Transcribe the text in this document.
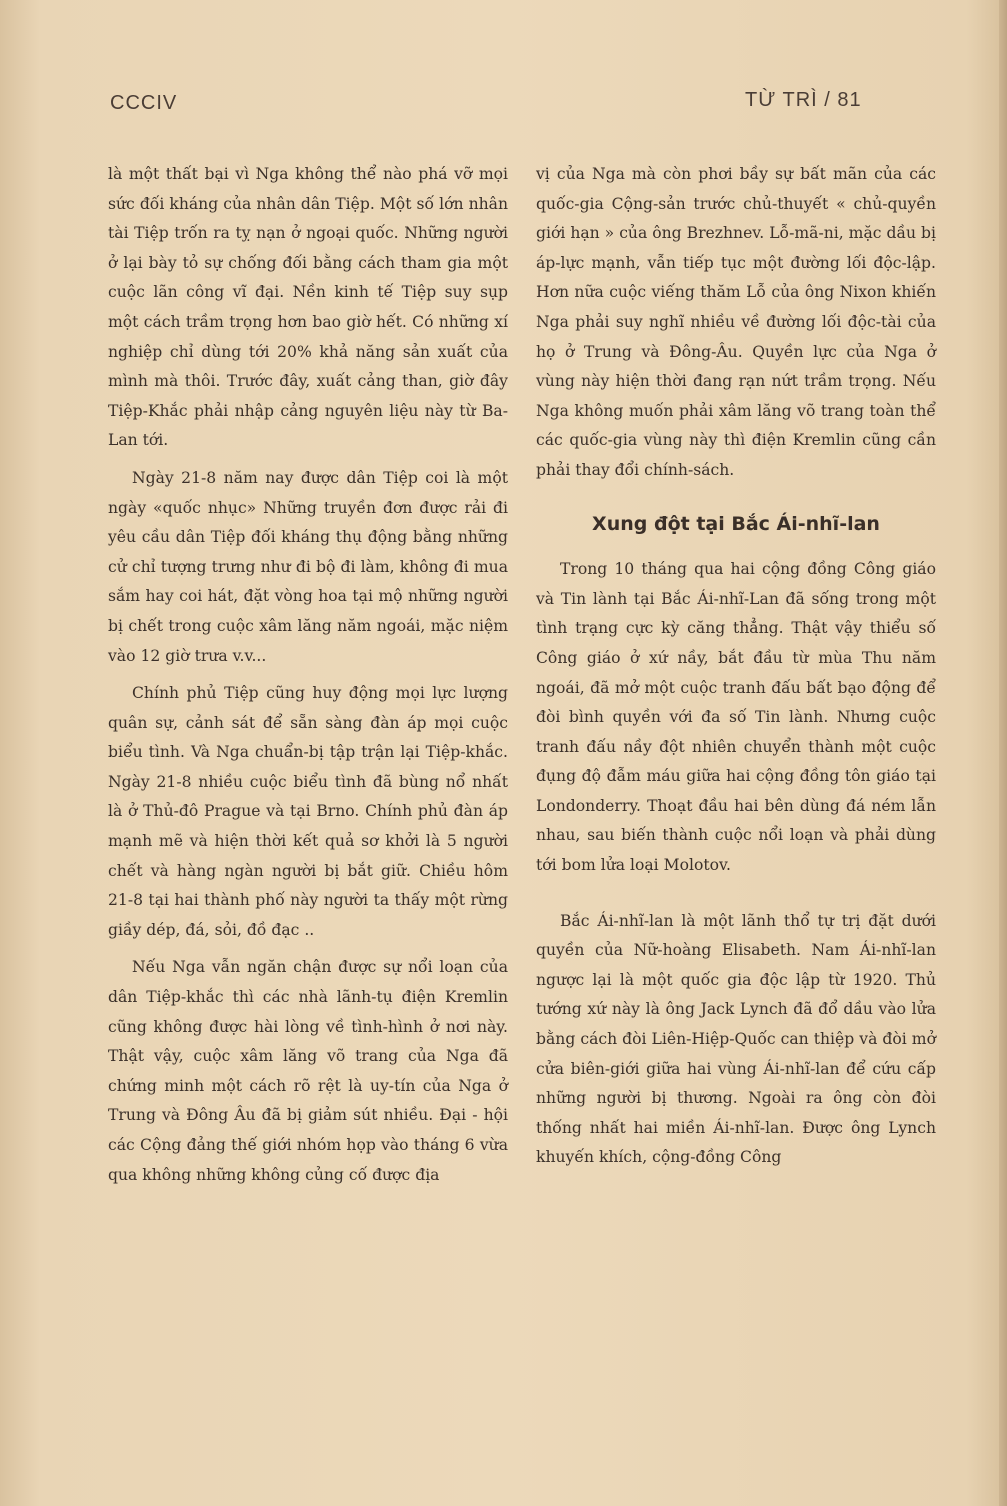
CCCIV	TỪ TRÌ / 81

là một thất bại vì Nga không thể nào phá vỡ mọi sức đối kháng của nhân dân Tiệp. Một số lớn nhân tài Tiệp trốn ra tỵ nạn ở ngoại quốc. Những người ở lại bày tỏ sự chống đối bằng cách tham gia một cuộc lãn công vĩ đại. Nền kinh tế Tiệp suy sụp một cách trầm trọng hơn bao giờ hết. Có những xí nghiệp chỉ dùng tới 20% khả năng sản xuất của mình mà thôi. Trước đây, xuất cảng than, giờ đây Tiệp-Khắc phải nhập cảng nguyên liệu này từ Ba-Lan tới.

Ngày 21-8 năm nay được dân Tiệp coi là một ngày «quốc nhục» Những truyền đơn được rải đi yêu cầu dân Tiệp đối kháng thụ động bằng những cử chỉ tượng trưng như đi bộ đi làm, không đi mua sắm hay coi hát, đặt vòng hoa tại mộ những người bị chết trong cuộc xâm lăng năm ngoái, mặc niệm vào 12 giờ trưa v.v...

Chính phủ Tiệp cũng huy động mọi lực lượng quân sự, cảnh sát để sẵn sàng đàn áp mọi cuộc biểu tình. Và Nga chuẩn-bị tập trận lại Tiệp-khắc. Ngày 21-8 nhiều cuộc biểu tình đã bùng nổ nhất là ở Thủ-đô Prague và tại Brno. Chính phủ đàn áp mạnh mẽ và hiện thời kết quả sơ khởi là 5 người chết và hàng ngàn người bị bắt giữ. Chiều hôm 21-8 tại hai thành phố này người ta thấy một rừng giầy dép, đá, sỏi, đồ đạc ..

Nếu Nga vẫn ngăn chận được sự nổi loạn của dân Tiệp-khắc thì các nhà lãnh-tụ điện Kremlin cũng không được hài lòng về tình-hình ở nơi này. Thật vậy, cuộc xâm lăng võ trang của Nga đã chứng minh một cách rõ rệt là uy-tín của Nga ở Trung và Đông Âu đã bị giảm sút nhiều. Đại - hội các Cộng đảng thế giới nhóm họp vào tháng 6 vừa qua không những không củng cố được địa

vị của Nga mà còn phơi bầy sự bất mãn của các quốc-gia Cộng-sản trước chủ-thuyết « chủ-quyền giới hạn » của ông Brezhnev. Lỗ-mã-ni, mặc dầu bị áp-lực mạnh, vẫn tiếp tục một đường lối độc-lập. Hơn nữa cuộc viếng thăm Lỗ của ông Nixon khiến Nga phải suy nghĩ nhiều về đường lối độc-tài của họ ở Trung và Đông-Âu. Quyền lực của Nga ở vùng này hiện thời đang rạn nứt trầm trọng. Nếu Nga không muốn phải xâm lăng võ trang toàn thể các quốc-gia vùng này thì điện Kremlin cũng cần phải thay đổi chính-sách.

Xung đột tại Bắc Ái-nhĩ-lan

Trong 10 tháng qua hai cộng đồng Công giáo và Tin lành tại Bắc Ái-nhĩ-Lan đã sống trong một tình trạng cực kỳ căng thẳng. Thật vậy thiểu số Công giáo ở xứ nầy, bắt đầu từ mùa Thu năm ngoái, đã mở một cuộc tranh đấu bất bạo động để đòi bình quyền với đa số Tin lành. Nhưng cuộc tranh đấu nầy đột nhiên chuyển thành một cuộc đụng độ đẫm máu giữa hai cộng đồng tôn giáo tại Londonderry. Thoạt đầu hai bên dùng đá ném lẫn nhau, sau biến thành cuộc nổi loạn và phải dùng tới bom lửa loại Molotov.

Bắc Ái-nhĩ-lan là một lãnh thổ tự trị đặt dưới quyền của Nữ-hoàng Elisabeth. Nam Ái-nhĩ-lan ngược lại là một quốc gia độc lập từ 1920. Thủ tướng xứ này là ông Jack Lynch đã đổ dầu vào lửa bằng cách đòi Liên-Hiệp-Quốc can thiệp và đòi mở cửa biên-giới giữa hai vùng Ái-nhĩ-lan để cứu cấp những người bị thương. Ngoài ra ông còn đòi thống nhất hai miền Ái-nhĩ-lan. Được ông Lynch khuyến khích, cộng-đồng Công
